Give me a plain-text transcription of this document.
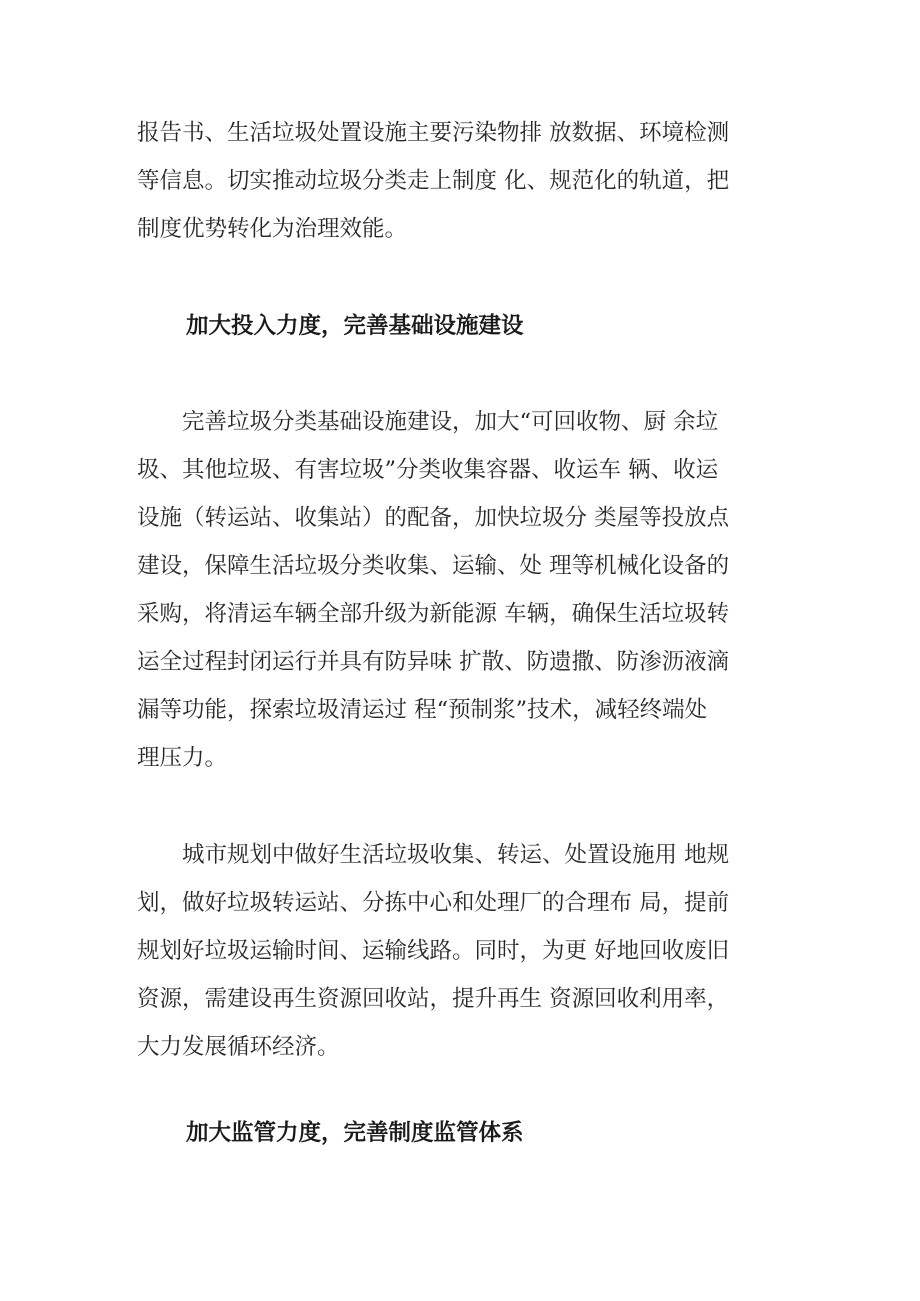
报告书、生活垃圾处置设施主要污染物排 放数据、环境检测
等信息。切实推动垃圾分类走上制度 化、规范化的轨道，把
制度优势转化为治理效能。
加大投入力度，完善基础设施建设
　　完善垃圾分类基础设施建设，加大“可回收物、厨 余垃
圾、其他垃圾、有害垃圾”分类收集容器、收运车 辆、收运
设施（转运站、收集站）的配备，加快垃圾分 类屋等投放点
建设，保障生活垃圾分类收集、运输、处 理等机械化设备的
采购，将清运车辆全部升级为新能源 车辆，确保生活垃圾转
运全过程封闭运行并具有防异味 扩散、防遗撒、防渗沥液滴
漏等功能，探索垃圾清运过 程“预制浆”技术，减轻终端处
理压力。
　　城市规划中做好生活垃圾收集、转运、处置设施用 地规
划，做好垃圾转运站、分拣中心和处理厂的合理布 局，提前
规划好垃圾运输时间、运输线路。同时，为更 好地回收废旧
资源，需建设再生资源回收站，提升再生 资源回收利用率，
大力发展循环经济。
加大监管力度，完善制度监管体系
